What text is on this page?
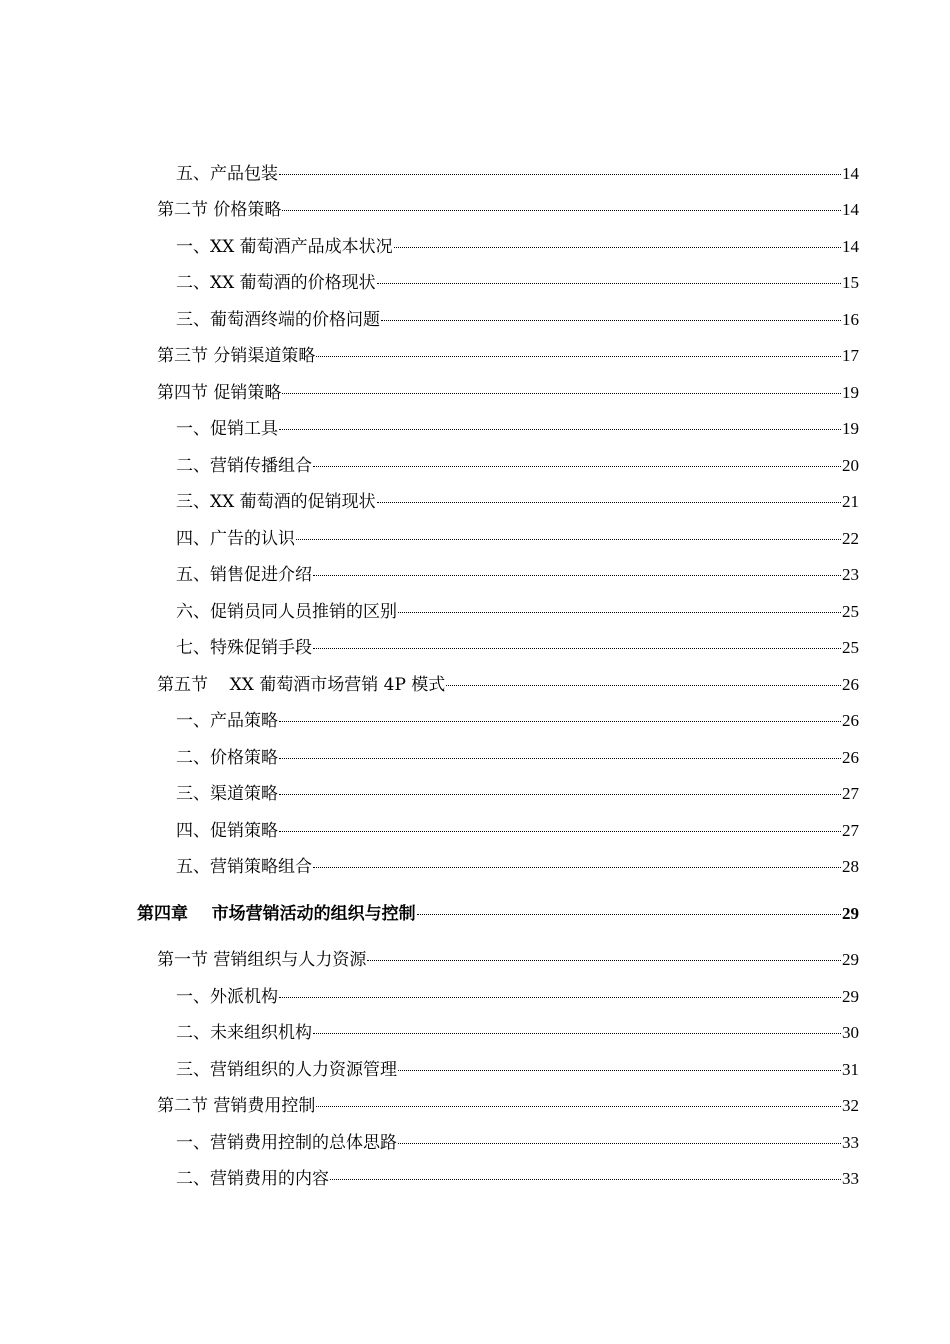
五、产品包装	14
第二节 价格策略	14
一、XX 葡萄酒产品成本状况	14
二、XX 葡萄酒的价格现状	15
三、葡萄酒终端的价格问题	16
第三节 分销渠道策略	17
第四节 促销策略	19
一、促销工具	19
二、营销传播组合	20
三、XX 葡萄酒的促销现状	21
四、广告的认识	22
五、销售促进介绍	23
六、促销员同人员推销的区别	25
七、特殊促销手段	25
第五节    XX 葡萄酒市场营销 4P 模式	26
一、产品策略	26
二、价格策略	26
三、渠道策略	27
四、促销策略	27
五、营销策略组合	28
第四章    市场营销活动的组织与控制	29
第一节 营销组织与人力资源	29
一、外派机构	29
二、未来组织机构	30
三、营销组织的人力资源管理	31
第二节 营销费用控制	32
一、营销费用控制的总体思路	33
二、营销费用的内容	33
